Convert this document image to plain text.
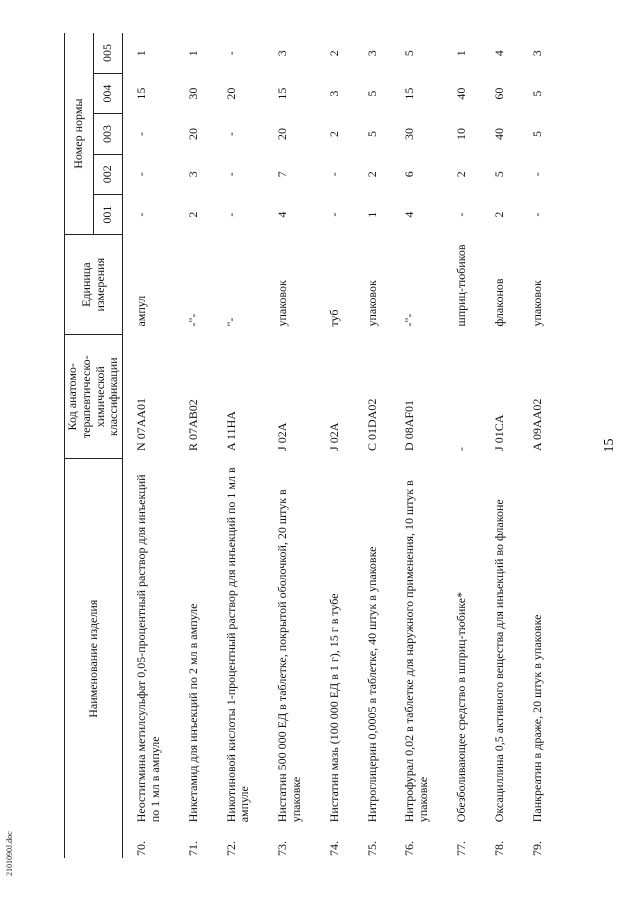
Наименование изделия		Код анатомо-терапевтическо-химической классификации	Единица измерения	Номер нормы				
				001	002	003	004	005
70.	Неостигмина метилсульфат 0,05-процентный раствор для инъекций по 1 мл в ампуле	N 07AA01	ампул	-	-	-	15	1
71.	Никетамид для инъекций по 2 мл в ампуле	R 07AB02	-"-	2	3	20	30	1
72.	Никотиновой кислоты 1-процентный раствор для инъекций по 1 мл в ампуле	A 11HA	"-	-	-	-	20	-
73.	Нистатин 500 000 ЕД в таблетке, покрытой оболочкой, 20 штук в упаковке	J 02A	упаковок	4	7	20	15	3
74.	Нистатин мазь (100 000 ЕД в 1 г), 15 г в тубе	J 02A	туб	-	-	2	3	2
75.	Нитроглицерин 0,0005 в таблетке, 40 штук в упаковке	C 01DA02	упаковок	1	2	5	5	3
76.	Нитрофурал 0,02 в таблетке для наружного применения, 10 штук в упаковке	D 08AF01	-"-	4	6	30	15	5
77.	Обезболивающее средство в шприц-тюбике*	-	шприц-тюбиков	-	2	10	40	1
78.	Оксациллина 0,5 активного вещества для инъекций во флаконе	J 01CA	флаконов	2	5	40	60	4
79.	Панкреатин в драже, 20 штук в упаковке	A 09AA02	упаковок	-	-	5	5	3
15
2101090J.doc
